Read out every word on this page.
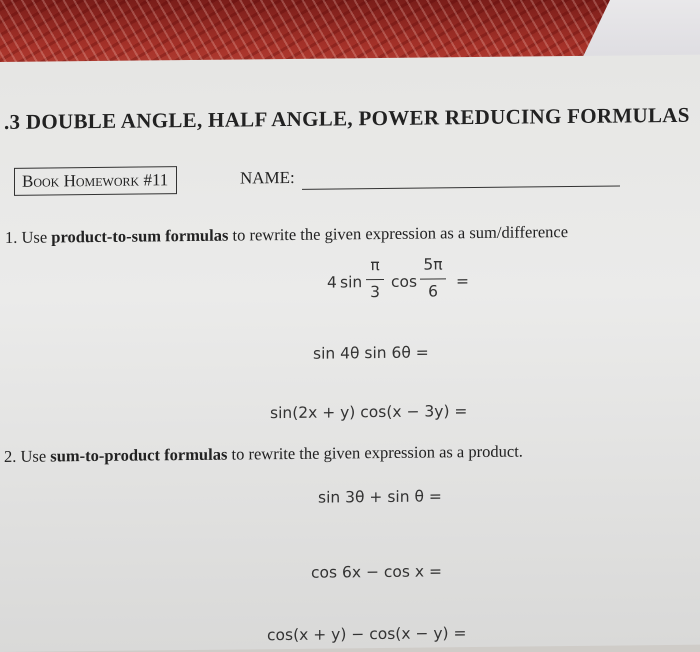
.3 DOUBLE ANGLE, HALF ANGLE, POWER REDUCING FORMULAS
Book Homework #11	NAME:
1. Use product-to-sum formulas to rewrite the given expression as a sum/difference
4 sin
π
3
cos
5π
6
=
sin 4θ sin 6θ =
sin(2x + y) cos(x − 3y) =
2. Use sum-to-product formulas to rewrite the given expression as a product.
sin 3θ + sin θ =
cos 6x − cos x =
cos(x + y) − cos(x − y) =
